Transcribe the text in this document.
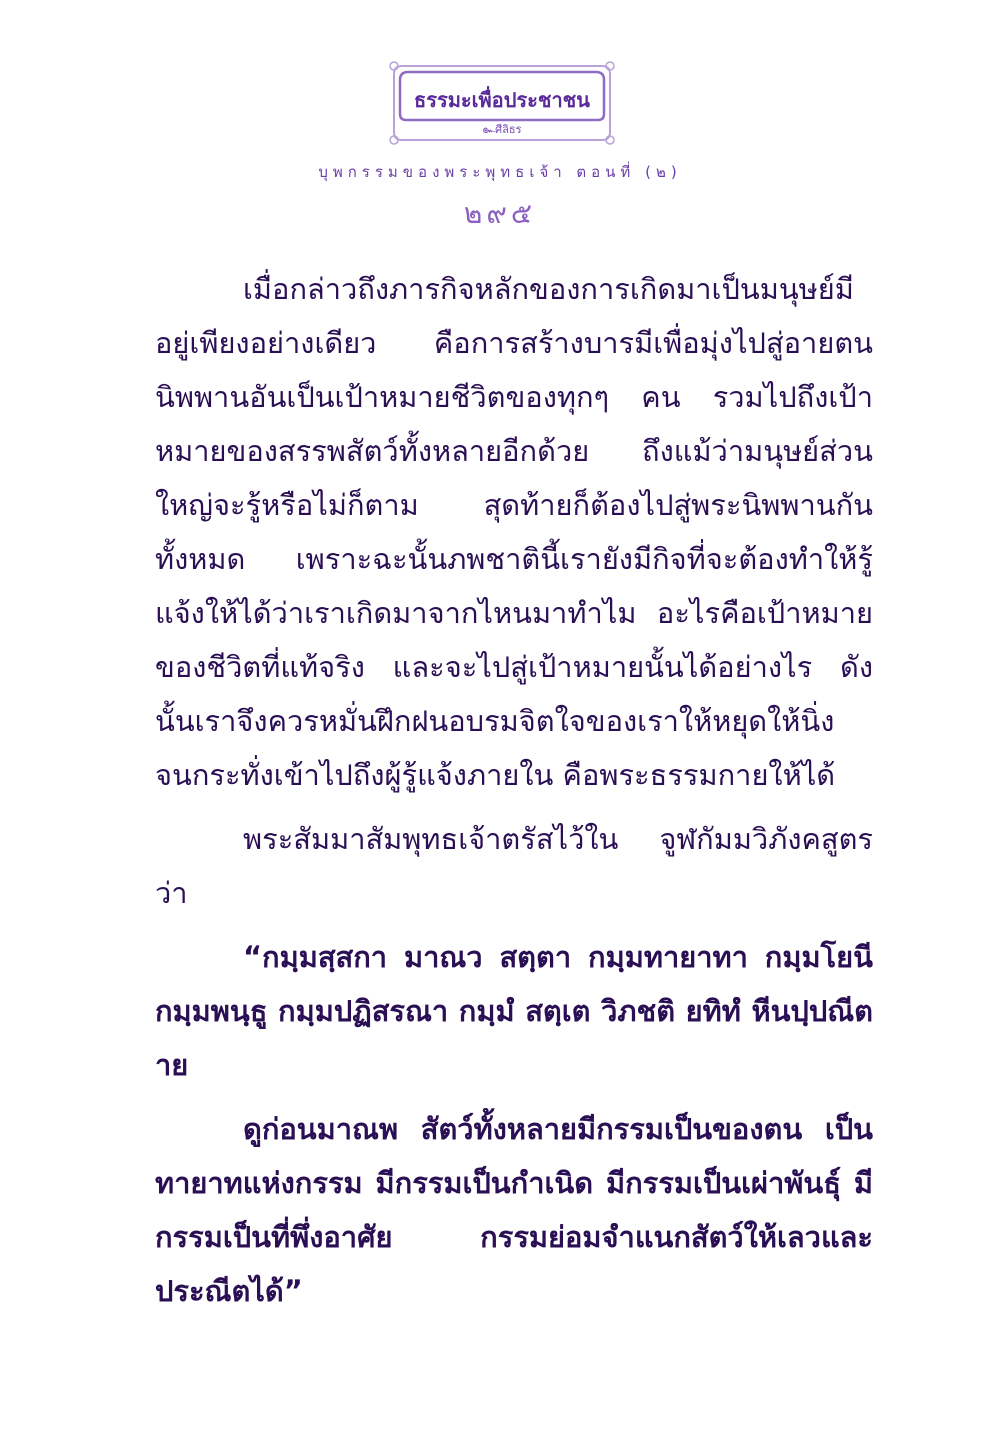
ธรรมะเพื่อประชาชน
๛ศีลิธร
บุพกรรมของพระพุทธเจ้า ตอนที่ (๒)
๒๙๕

เมื่อกล่าวถึงภารกิจหลักของการเกิดมาเป็นมนุษย์มีอยู่เพียงอย่างเดียว คือการสร้างบารมีเพื่อมุ่งไปสู่อายตนนิพพานอันเป็นเป้าหมายชีวิตของทุกๆ คน รวมไปถึงเป้าหมายของสรรพสัตว์ทั้งหลายอีกด้วย ถึงแม้ว่ามนุษย์ส่วนใหญ่จะรู้หรือไม่ก็ตาม สุดท้ายก็ต้องไปสู่พระนิพพานกันทั้งหมด เพราะฉะนั้นภพชาตินี้เรายังมีกิจที่จะต้องทำให้รู้แจ้งให้ได้ว่าเราเกิดมาจากไหนมาทำไม อะไรคือเป้าหมายของชีวิตที่แท้จริง และจะไปสู่เป้าหมายนั้นได้อย่างไร ดังนั้นเราจึงควรหมั่นฝึกฝนอบรมจิตใจของเราให้หยุดให้นิ่ง จนกระทั่งเข้าไปถึงผู้รู้แจ้งภายใน คือพระธรรมกายให้ได้

พระสัมมาสัมพุทธเจ้าตรัสไว้ใน จูฬกัมมวิภังคสูตร ว่า

“กมฺมสฺสกา มาณว สตฺตา กมฺมทายาทา กมฺมโยนี กมฺมพนฺธู กมฺมปฏิสรณา กมฺมํ สตฺเต วิภชติ ยทิทํ หีนปฺปณีตาย

ดูก่อนมาณพ สัตว์ทั้งหลายมีกรรมเป็นของตน เป็นทายาทแห่งกรรม มีกรรมเป็นกำเนิด มีกรรมเป็นเผ่าพันธุ์ มีกรรมเป็นที่พึ่งอาศัย กรรมย่อมจำแนกสัตว์ให้เลวและประณีตได้”
